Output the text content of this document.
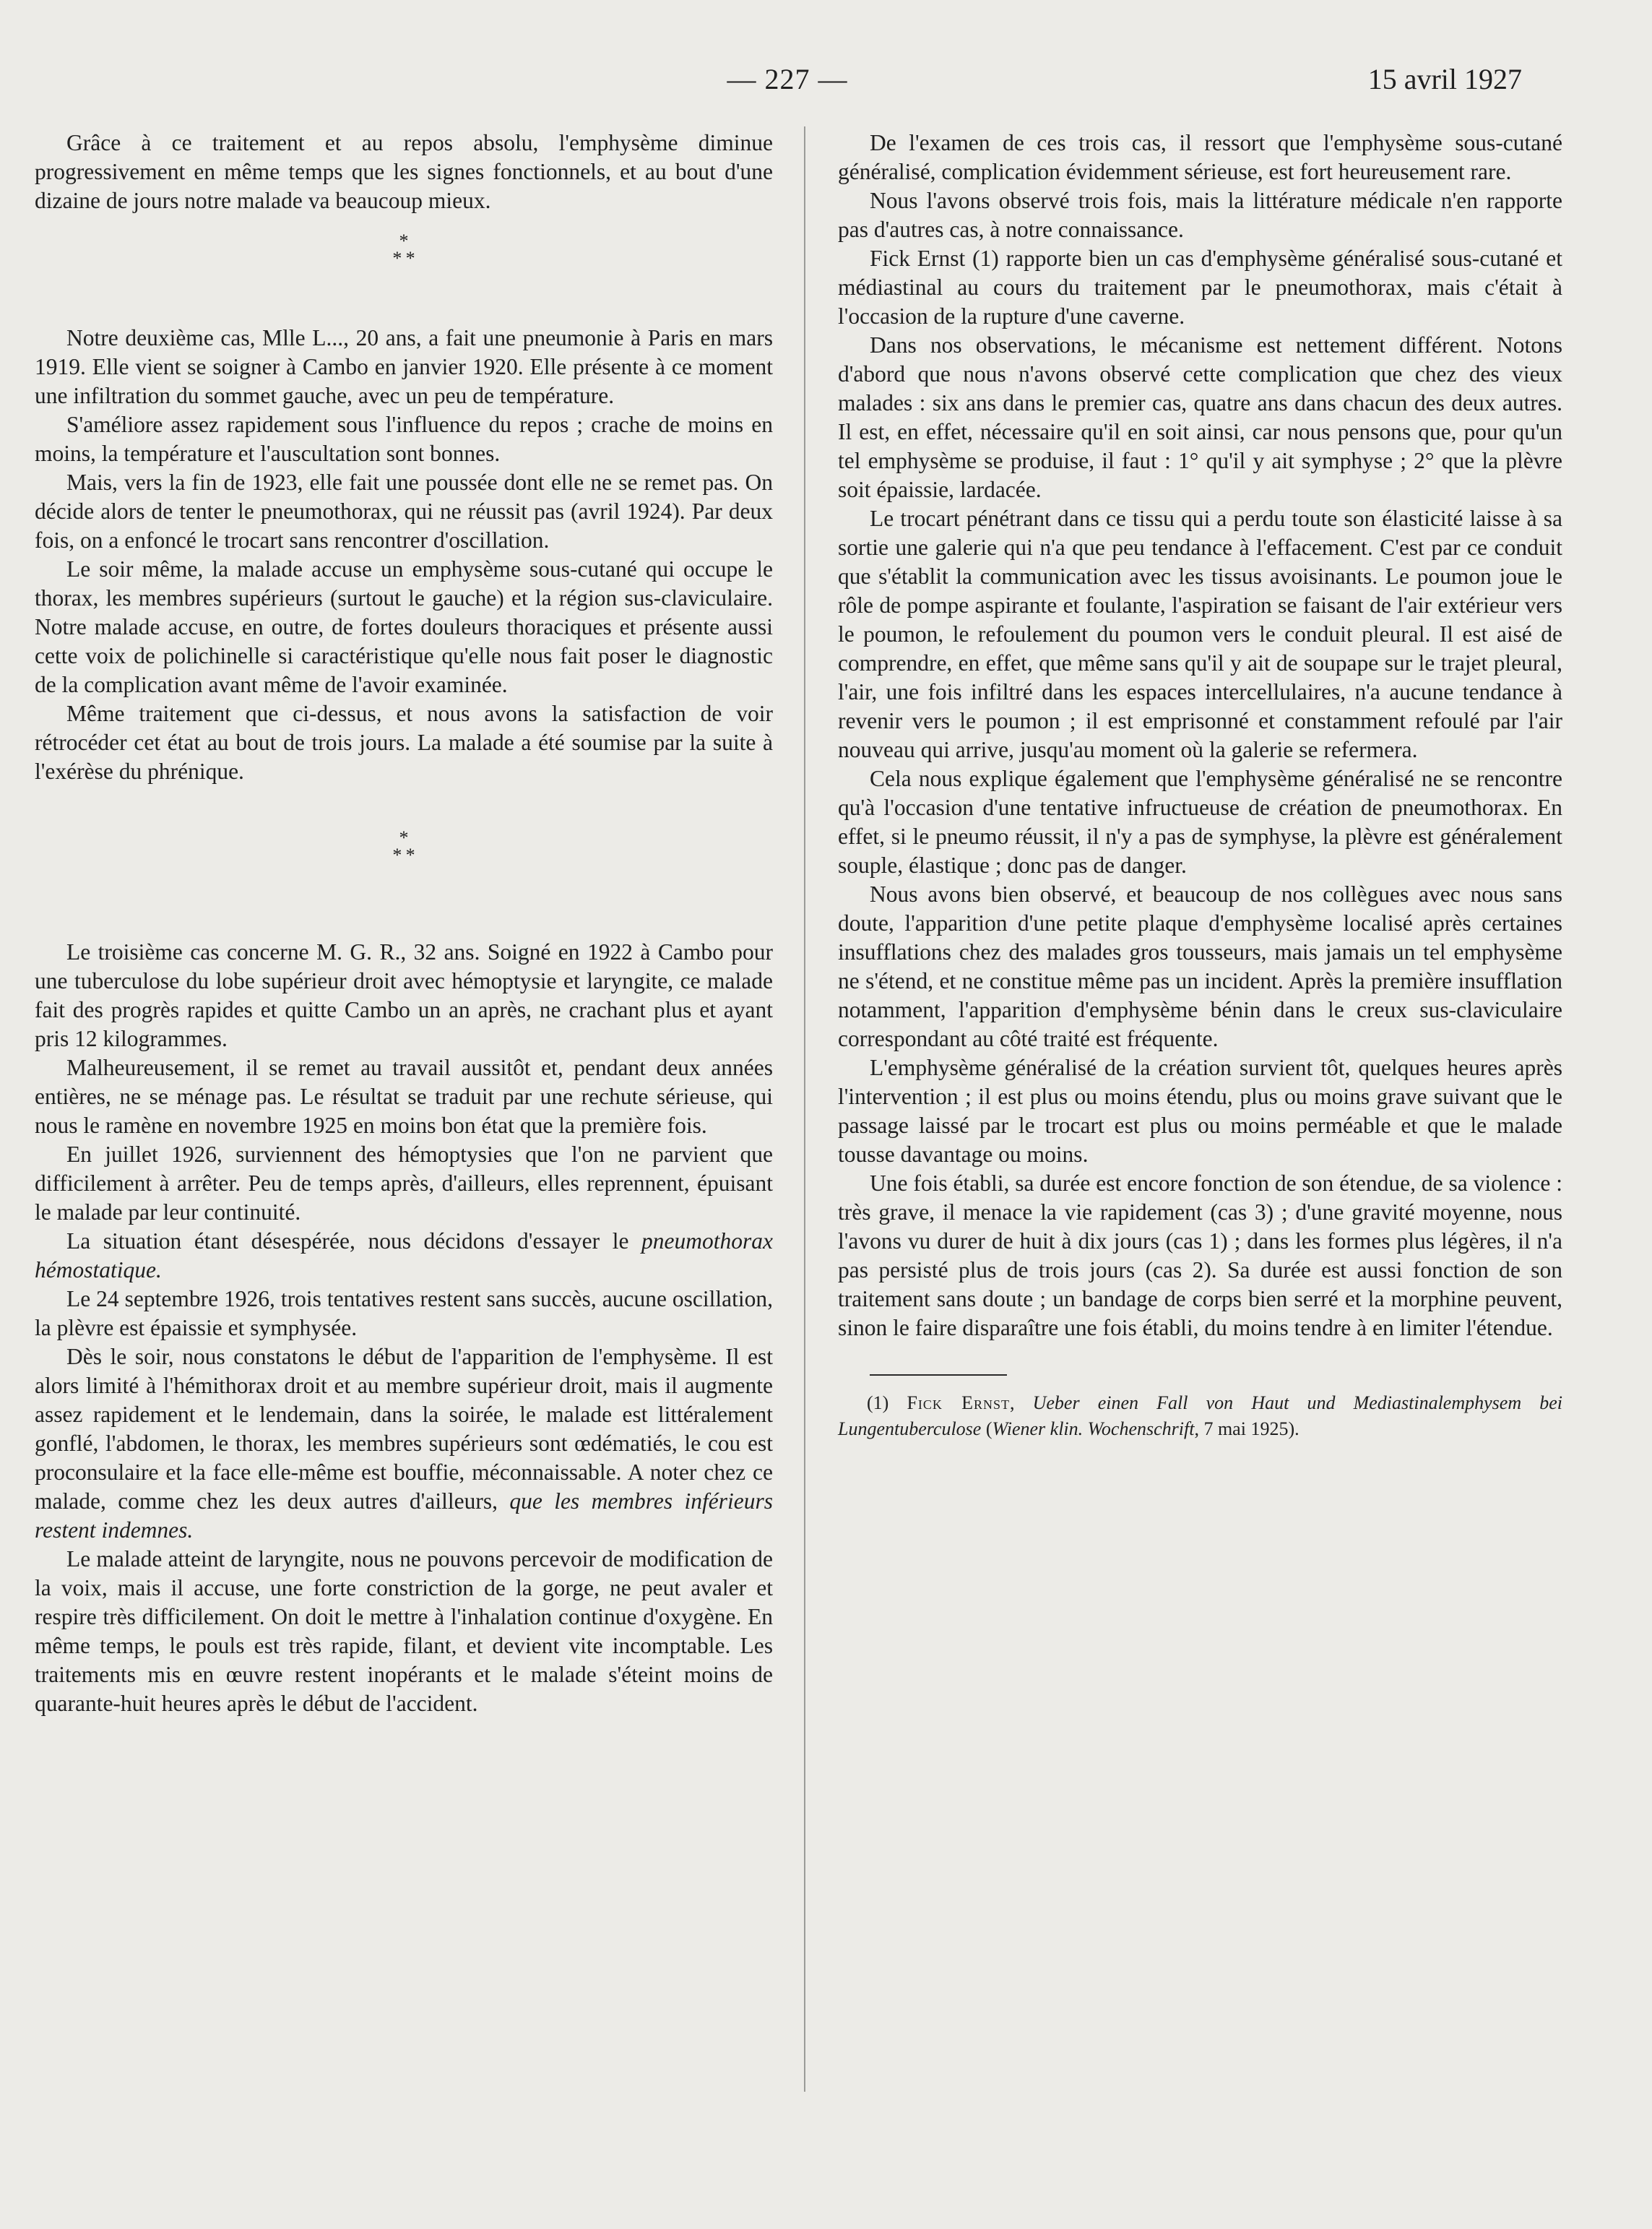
— 227 —	15 avril 1927

Grâce à ce traitement et au repos absolu, l'emphysème diminue progressivement en même temps que les signes fonctionnels, et au bout d'une dizaine de jours notre malade va beaucoup mieux.

*
*  *

Notre deuxième cas, Mlle L..., 20 ans, a fait une pneumonie à Paris en mars 1919. Elle vient se soigner à Cambo en janvier 1920. Elle présente à ce moment une infiltration du sommet gauche, avec un peu de température.

S'améliore assez rapidement sous l'influence du repos ; crache de moins en moins, la température et l'auscultation sont bonnes.

Mais, vers la fin de 1923, elle fait une poussée dont elle ne se remet pas. On décide alors de tenter le pneumothorax, qui ne réussit pas (avril 1924). Par deux fois, on a enfoncé le trocart sans rencontrer d'oscillation.

Le soir même, la malade accuse un emphysème sous-cutané qui occupe le thorax, les membres supérieurs (surtout le gauche) et la région sus-claviculaire. Notre malade accuse, en outre, de fortes douleurs thoraciques et présente aussi cette voix de polichinelle si caractéristique qu'elle nous fait poser le diagnostic de la complication avant même de l'avoir examinée.

Même traitement que ci-dessus, et nous avons la satisfaction de voir rétrocéder cet état au bout de trois jours. La malade a été soumise par la suite à l'exérèse du phrénique.

*
*  *

Le troisième cas concerne M. G. R., 32 ans. Soigné en 1922 à Cambo pour une tuberculose du lobe supérieur droit avec hémoptysie et laryngite, ce malade fait des progrès rapides et quitte Cambo un an après, ne crachant plus et ayant pris 12 kilogrammes.

Malheureusement, il se remet au travail aussitôt et, pendant deux années entières, ne se ménage pas. Le résultat se traduit par une rechute sérieuse, qui nous le ramène en novembre 1925 en moins bon état que la première fois.

En juillet 1926, surviennent des hémoptysies que l'on ne parvient que difficilement à arrêter. Peu de temps après, d'ailleurs, elles reprennent, épuisant le malade par leur continuité.

La situation étant désespérée, nous décidons d'essayer le pneumothorax hémostatique.

Le 24 septembre 1926, trois tentatives restent sans succès, aucune oscillation, la plèvre est épaissie et symphysée.

Dès le soir, nous constatons le début de l'apparition de l'emphysème. Il est alors limité à l'hémithorax droit et au membre supérieur droit, mais il augmente assez rapidement et le lendemain, dans la soirée, le malade est littéralement gonflé, l'abdomen, le thorax, les membres supérieurs sont œdématiés, le cou est proconsulaire et la face elle-même est bouffie, méconnaissable. A noter chez ce malade, comme chez les deux autres d'ailleurs, que les membres inférieurs restent indemnes.

Le malade atteint de laryngite, nous ne pouvons percevoir de modification de la voix, mais il accuse, une forte constriction de la gorge, ne peut avaler et respire très difficilement. On doit le mettre à l'inhalation continue d'oxygène. En même temps, le pouls est très rapide, filant, et devient vite incomptable. Les traitements mis en œuvre restent inopérants et le malade s'éteint moins de quarante-huit heures après le début de l'accident.

De l'examen de ces trois cas, il ressort que l'emphysème sous-cutané généralisé, complication évidemment sérieuse, est fort heureusement rare.

Nous l'avons observé trois fois, mais la littérature médicale n'en rapporte pas d'autres cas, à notre connaissance.

Fick Ernst (1) rapporte bien un cas d'emphysème généralisé sous-cutané et médiastinal au cours du traitement par le pneumothorax, mais c'était à l'occasion de la rupture d'une caverne.

Dans nos observations, le mécanisme est nettement différent. Notons d'abord que nous n'avons observé cette complication que chez des vieux malades : six ans dans le premier cas, quatre ans dans chacun des deux autres. Il est, en effet, nécessaire qu'il en soit ainsi, car nous pensons que, pour qu'un tel emphysème se produise, il faut : 1° qu'il y ait symphyse ; 2° que la plèvre soit épaissie, lardacée.

Le trocart pénétrant dans ce tissu qui a perdu toute son élasticité laisse à sa sortie une galerie qui n'a que peu tendance à l'effacement. C'est par ce conduit que s'établit la communication avec les tissus avoisinants. Le poumon joue le rôle de pompe aspirante et foulante, l'aspiration se faisant de l'air extérieur vers le poumon, le refoulement du poumon vers le conduit pleural. Il est aisé de comprendre, en effet, que même sans qu'il y ait de soupape sur le trajet pleural, l'air, une fois infiltré dans les espaces intercellulaires, n'a aucune tendance à revenir vers le poumon ; il est emprisonné et constamment refoulé par l'air nouveau qui arrive, jusqu'au moment où la galerie se refermera.

Cela nous explique également que l'emphysème généralisé ne se rencontre qu'à l'occasion d'une tentative infructueuse de création de pneumothorax. En effet, si le pneumo réussit, il n'y a pas de symphyse, la plèvre est généralement souple, élastique ; donc pas de danger.

Nous avons bien observé, et beaucoup de nos collègues avec nous sans doute, l'apparition d'une petite plaque d'emphysème localisé après certaines insufflations chez des malades gros tousseurs, mais jamais un tel emphysème ne s'étend, et ne constitue même pas un incident. Après la première insufflation notamment, l'apparition d'emphysème bénin dans le creux sus-claviculaire correspondant au côté traité est fréquente.

L'emphysème généralisé de la création survient tôt, quelques heures après l'intervention ; il est plus ou moins étendu, plus ou moins grave suivant que le passage laissé par le trocart est plus ou moins perméable et que le malade tousse davantage ou moins.

Une fois établi, sa durée est encore fonction de son étendue, de sa violence : très grave, il menace la vie rapidement (cas 3) ; d'une gravité moyenne, nous l'avons vu durer de huit à dix jours (cas 1) ; dans les formes plus légères, il n'a pas persisté plus de trois jours (cas 2). Sa durée est aussi fonction de son traitement sans doute ; un bandage de corps bien serré et la morphine peuvent, sinon le faire disparaître une fois établi, du moins tendre à en limiter l'étendue.

(1) Fick Ernst, Ueber einen Fall von Haut und Mediastinalemphysem bei Lungentuberculose (Wiener klin. Wochenschrift, 7 mai 1925).
